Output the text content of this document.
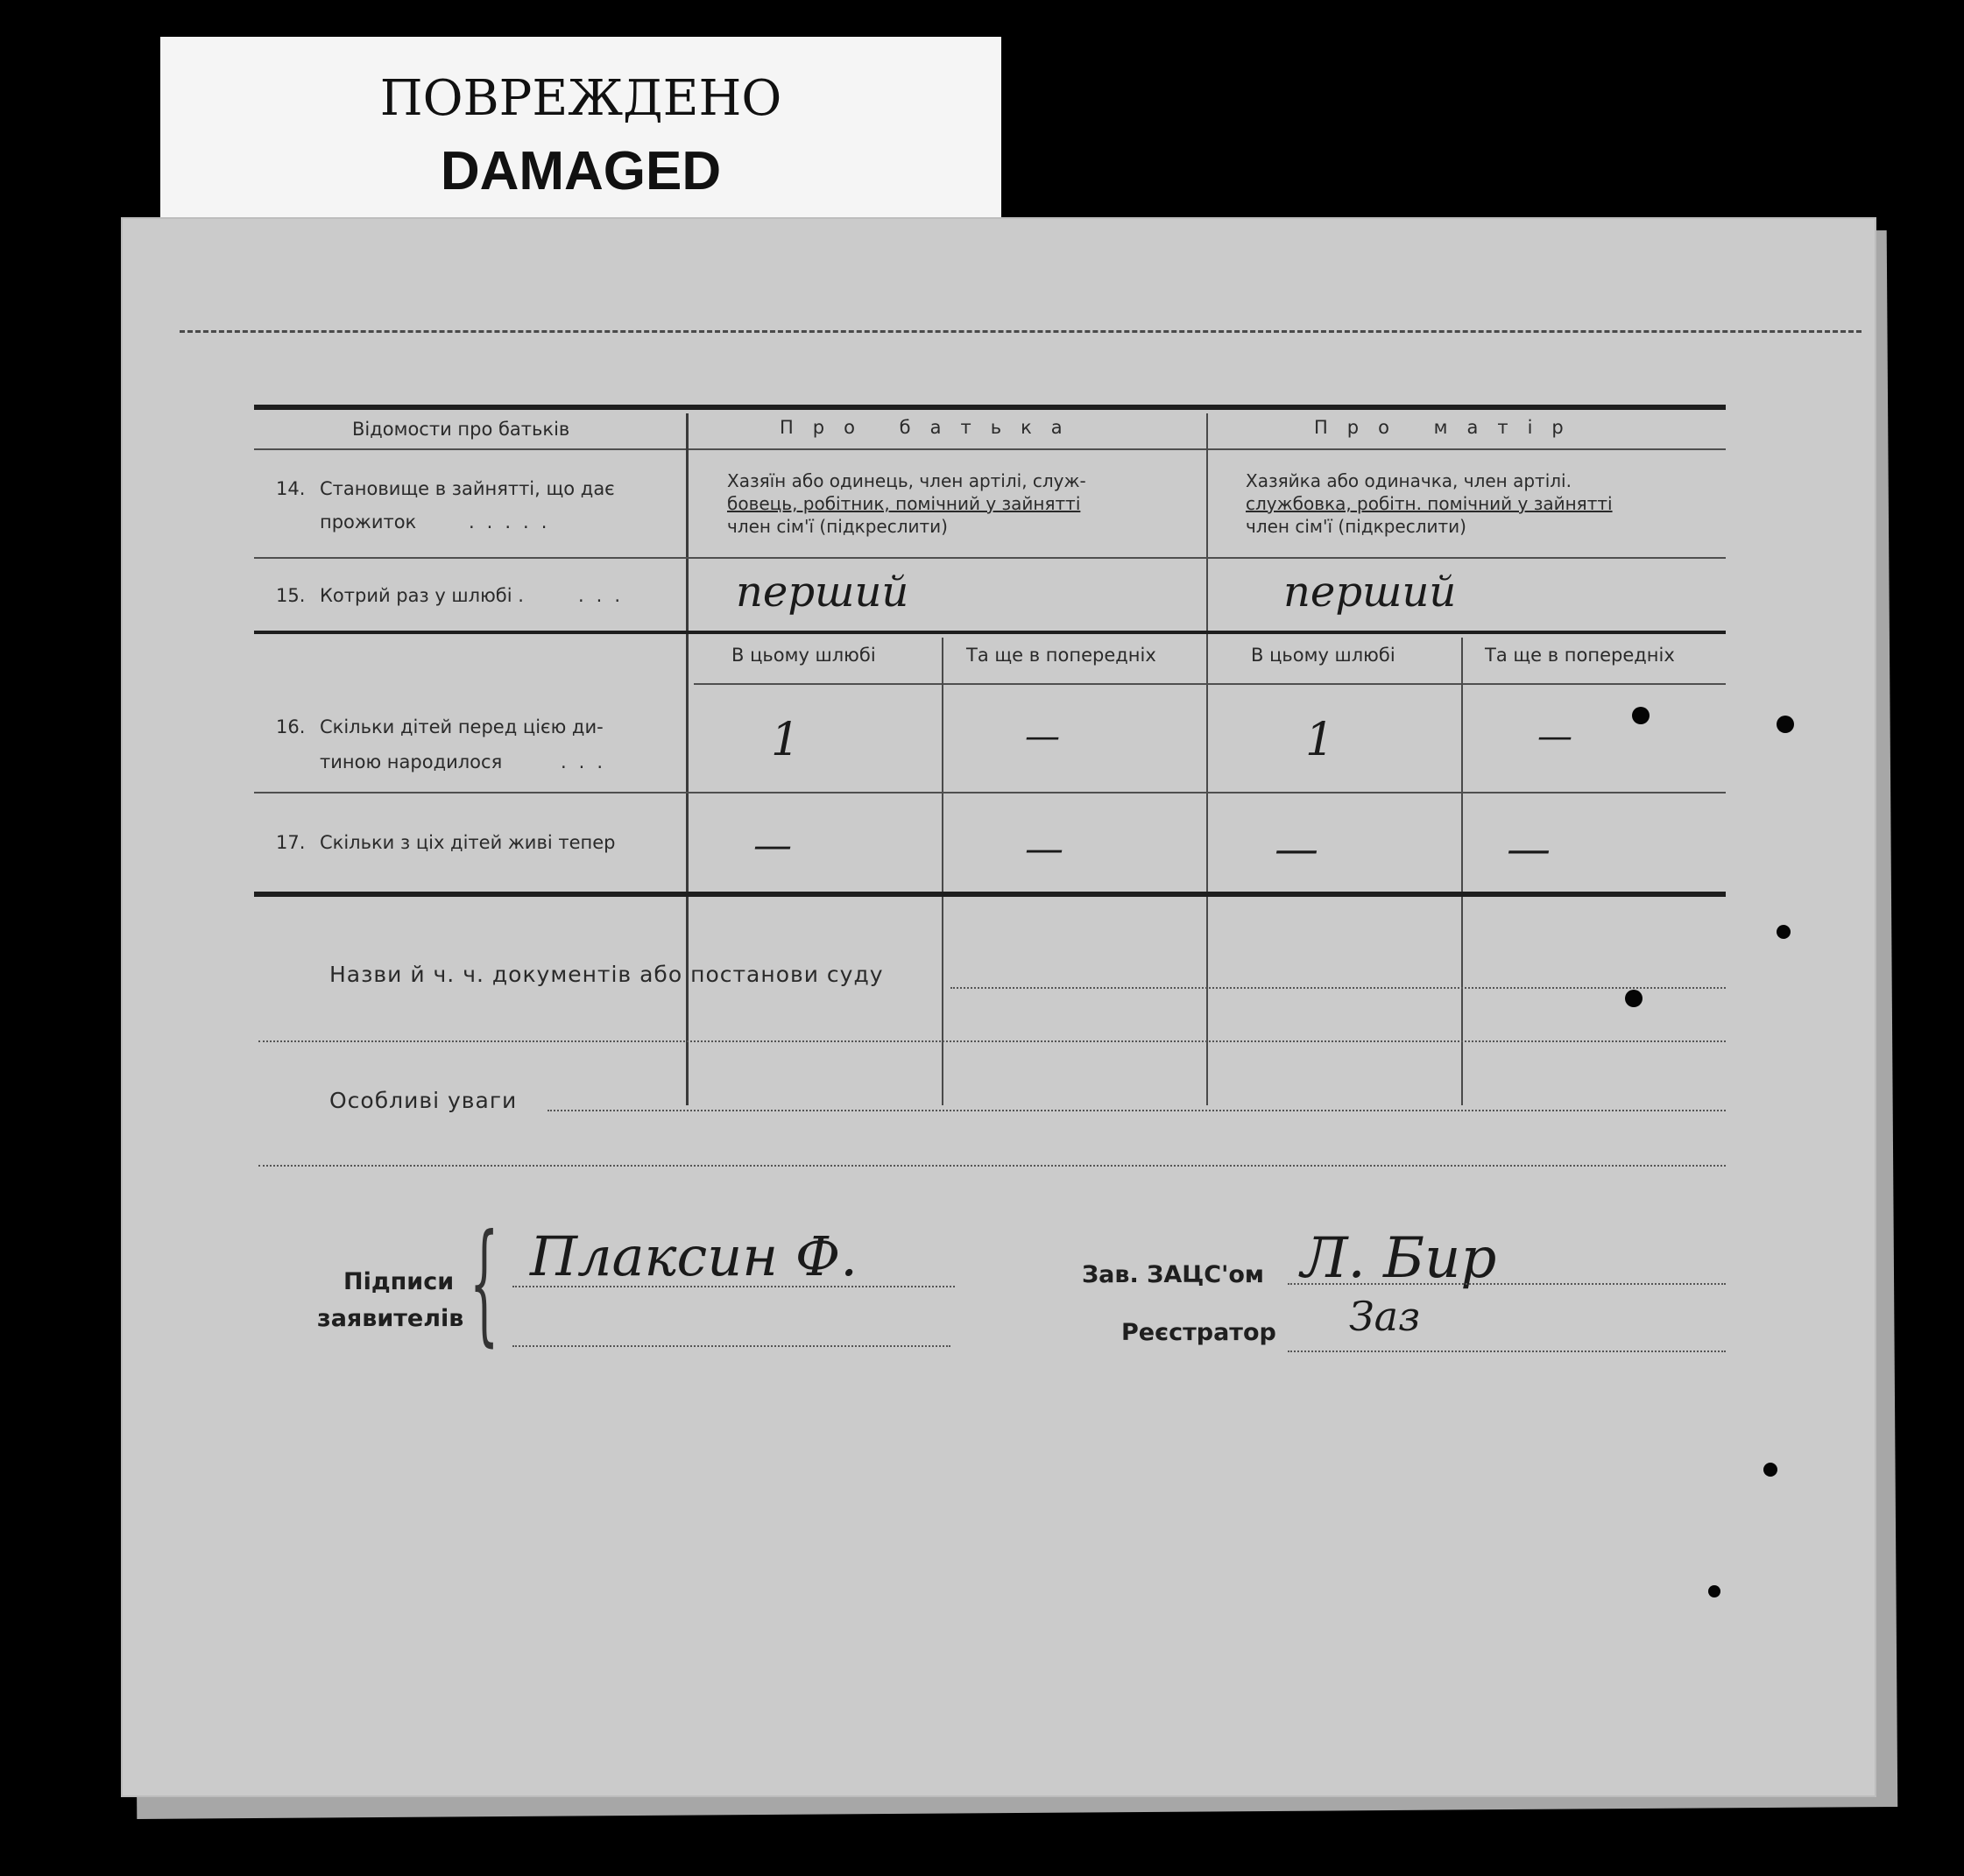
ПОВРЕЖДЕНО
DAMAGED
Відомости про батьків	Про батька	Про матір
14. Становище в зайнятті, що дає
прожиток	.....
Хазяїн або одинець, член артілі, служ-
бовець, робітник, помічний у зайнятті
член сім'ї (підкреслити)
Хазяйка або одиначка, член артілі.
службовка, робітн. помічний у зайнятті
член сім'ї (підкреслити)
15. Котрий раз у шлюбі .	... перший	перший
В цьому шлюбі	Та ще в попередніх	В цьому шлюбі	Та ще в попередніх
16. Скільки дітей перед цією ди-
тиною народилося	...	1	—	1	—
17. Скільки з ціх дітей живі тепер	—	—	—	—
Назви й ч. ч. документів або постанови суду
Особливі уваги
Підписи
заявителів { Плаксин Ф.	Зав. ЗАЦС'ом Л. Бир
Реєстратор Заз
